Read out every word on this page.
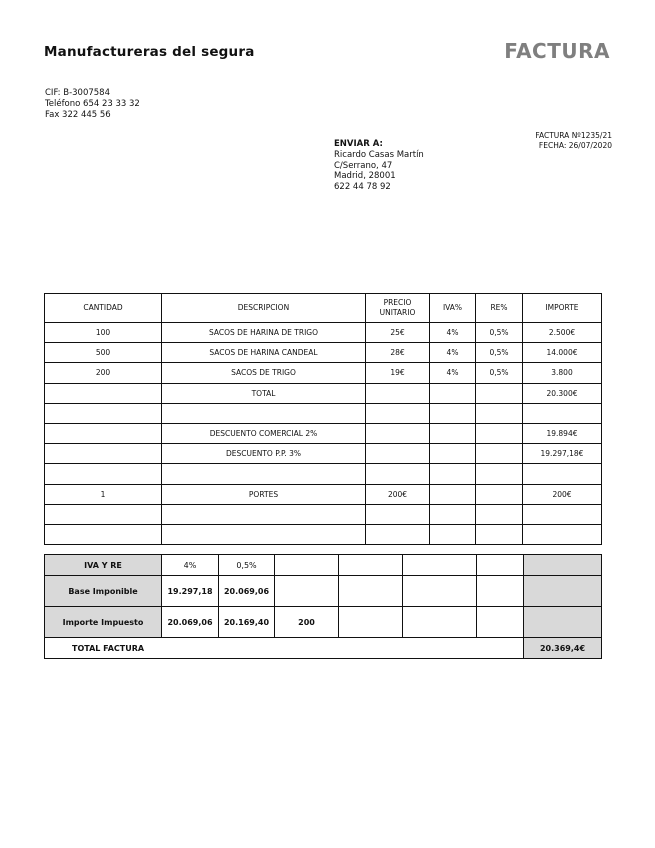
Manufactureras del segura	FACTURA
CIF: B-3007584
Teléfono 654 23 33 32
Fax 322 445 56
FACTURA Nº1235/21
FECHA: 26/07/2020
ENVIAR A:
Ricardo Casas Martín
C/Serrano, 47
Madrid, 28001
622 44 78 92
CANTIDAD	DESCRIPCION	PRECIO UNITARIO	IVA%	RE%	IMPORTE
100	SACOS DE HARINA DE TRIGO	25€	4%	0,5%	2.500€
500	SACOS DE HARINA CANDEAL	28€	4%	0,5%	14.000€
200	SACOS DE TRIGO	19€	4%	0,5%	3.800
	TOTAL				20.300€

	DESCUENTO COMERCIAL 2%				19.894€
	DESCUENTO P.P. 3%				19.297,18€

1	PORTES	200€			200€

IVA Y RE	4%	0,5%					
Base Imponible	19.297,18	20.069,06					
Importe Impuesto	20.069,06	20.169,40	200				
TOTAL FACTURA							20.369,4€
